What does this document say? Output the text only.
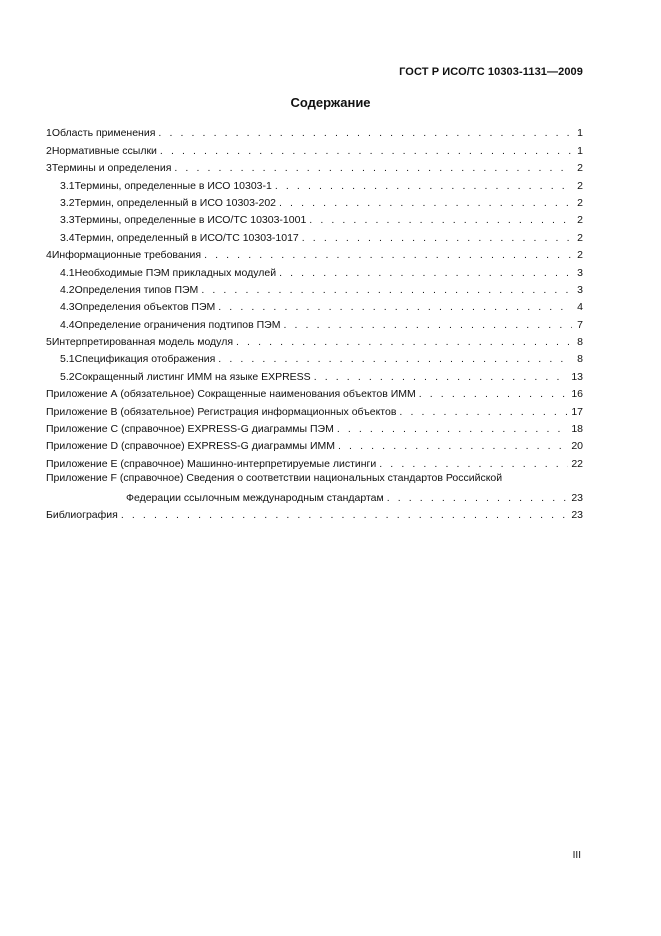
ГОСТ Р ИСО/ТС 10303-1131—2009
Содержание
1 Область применения . . .	1
2 Нормативные ссылки . . .	1
3 Термины и определения . . .	2
3.1 Термины, определенные в ИСО 10303-1 . . .	2
3.2 Термин, определенный в ИСО 10303-202 . . .	2
3.3 Термины, определенные в ИСО/ТС 10303-1001 . . .	2
3.4 Термин, определенный в ИСО/ТС 10303-1017 . . .	2
4 Информационные требования . . .	2
4.1 Необходимые ПЭМ прикладных модулей . . .	3
4.2 Определения типов ПЭМ . . .	3
4.3 Определения объектов ПЭМ . . .	4
4.4 Определение ограничения подтипов ПЭМ . . .	7
5 Интерпретированная модель модуля . . .	8
5.1 Спецификация отображения . . .	8
5.2 Сокращенный листинг ИММ на языке EXPRESS . . .	13
Приложение А (обязательное) Сокращенные наименования объектов ИММ . . .	16
Приложение В (обязательное) Регистрация информационных объектов . . .	17
Приложение С (справочное) EXPRESS-G диаграммы ПЭМ . . .	18
Приложение D (справочное) EXPRESS-G диаграммы ИММ . . .	20
Приложение Е (справочное) Машинно-интерпретируемые листинги . . .	22
Приложение F (справочное) Сведения о соответствии национальных стандартов Российской
Федерации ссылочным международным стандартам . . .	23
Библиография . . .	23
III
